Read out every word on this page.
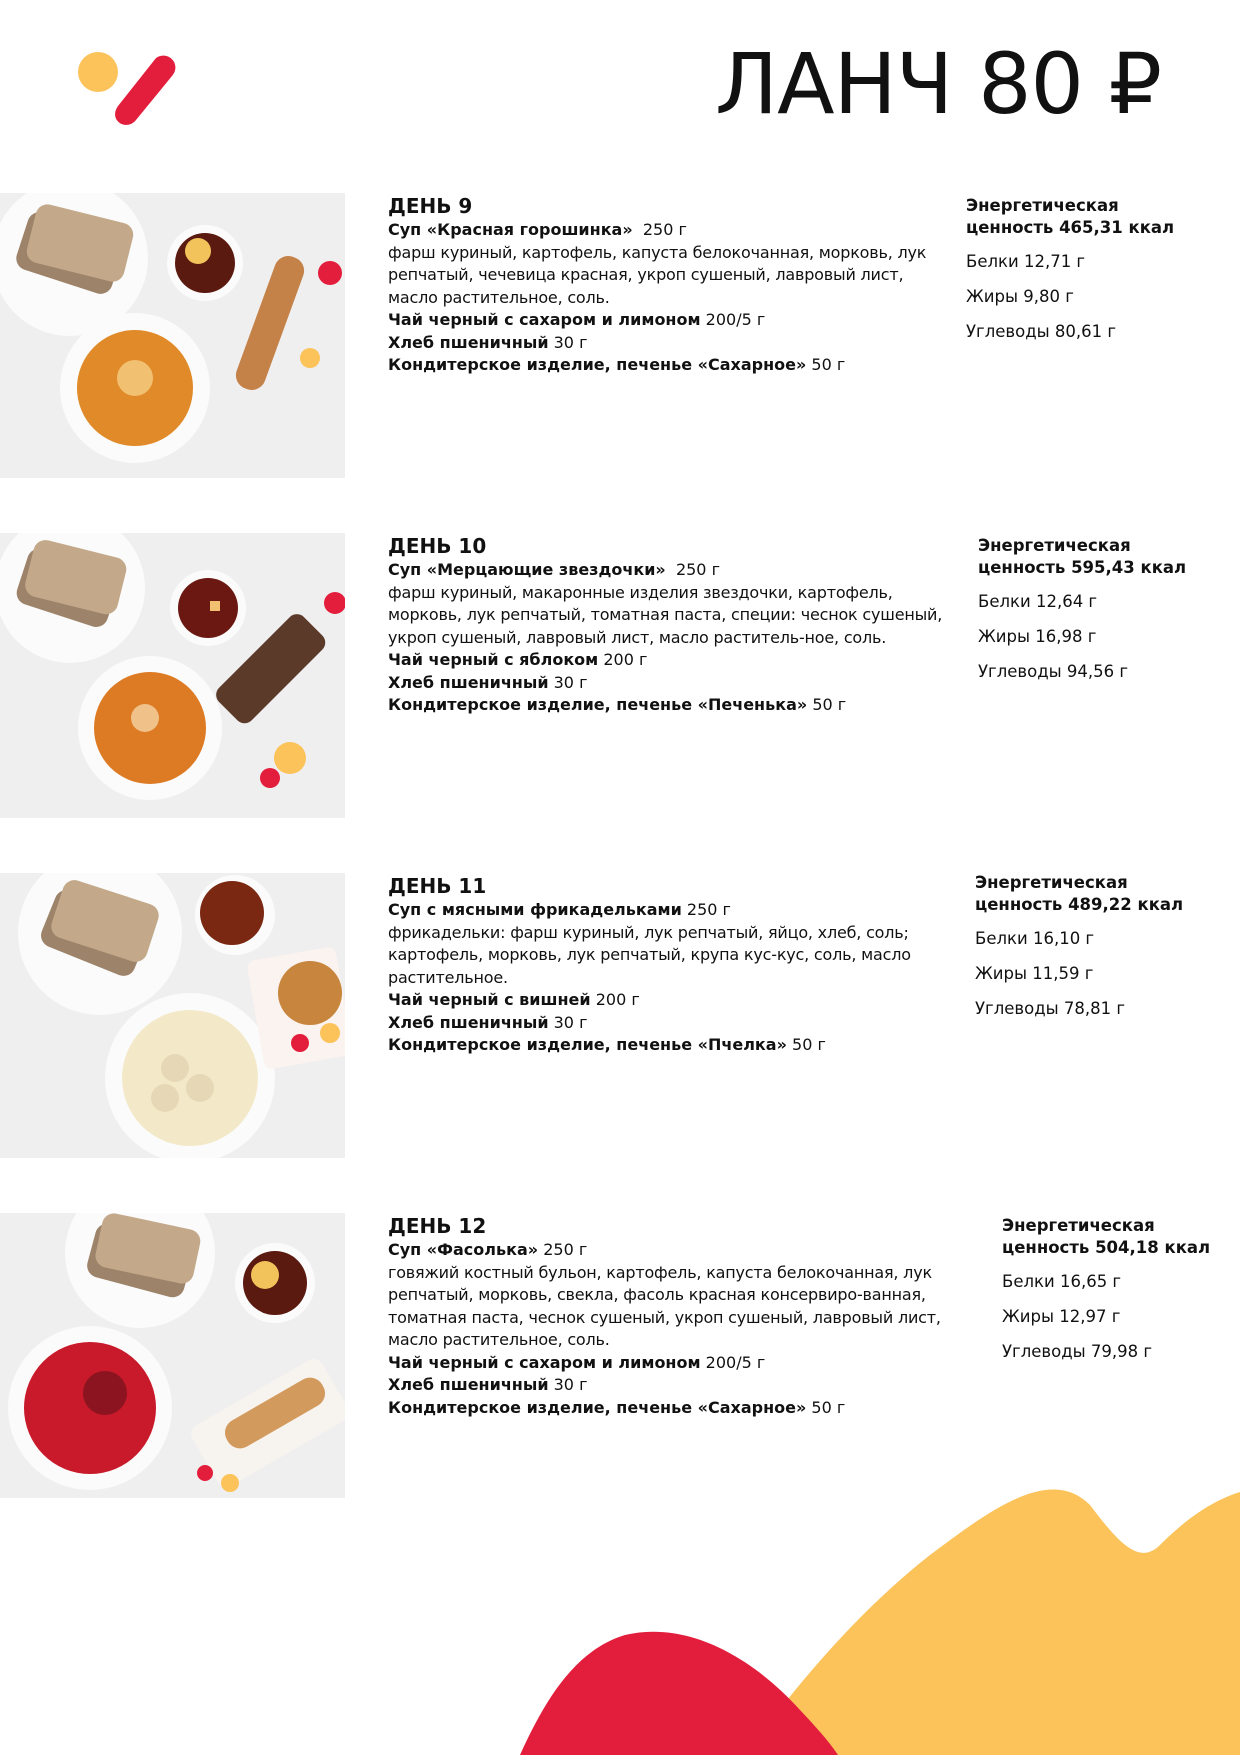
ЛАНЧ 80 ₽
ДЕНЬ 9
Суп «Красная горошинка» 250 г
фарш куриный, картофель, капуста белокочанная, морковь, лук репчатый, чечевица красная, укроп сушеный, лавровый лист, масло растительное, соль.
Чай черный с сахаром и лимоном 200/5 г
Хлеб пшеничный 30 г
Кондитерское изделие, печенье «Сахарное» 50 г
Энергетическая
ценность 465,31 ккал
Белки 12,71 г
Жиры 9,80 г
Углеводы 80,61 г
ДЕНЬ 10
Суп «Мерцающие звездочки» 250 г
фарш куриный, макаронные изделия звездочки, картофель, морковь, лук репчатый, томатная паста, специи: чеснок сушеный, укроп сушеный, лавровый лист, масло раститель-ное, соль.
Чай черный с яблоком 200 г
Хлеб пшеничный 30 г
Кондитерское изделие, печенье «Печенька» 50 г
Энергетическая
ценность 595,43 ккал
Белки 12,64 г
Жиры 16,98 г
Углеводы 94,56 г
ДЕНЬ 11
Суп с мясными фрикадельками 250 г
фрикадельки: фарш куриный, лук репчатый, яйцо, хлеб, соль; картофель, морковь, лук репчатый, крупа кус-кус, соль, масло растительное.
Чай черный с вишней 200 г
Хлеб пшеничный 30 г
Кондитерское изделие, печенье «Пчелка» 50 г
Энергетическая
ценность 489,22 ккал
Белки 16,10 г
Жиры 11,59 г
Углеводы 78,81 г
ДЕНЬ 12
Суп «Фасолька» 250 г
говяжий костный бульон, картофель, капуста белокочанная, лук репчатый, морковь, свекла, фасоль красная консервиро-ванная, томатная паста, чеснок сушеный, укроп сушеный, лавровый лист, масло растительное, соль.
Чай черный с сахаром и лимоном 200/5 г
Хлеб пшеничный 30 г
Кондитерское изделие, печенье «Сахарное» 50 г
Энергетическая
ценность 504,18 ккал
Белки 16,65 г
Жиры 12,97 г
Углеводы 79,98 г
